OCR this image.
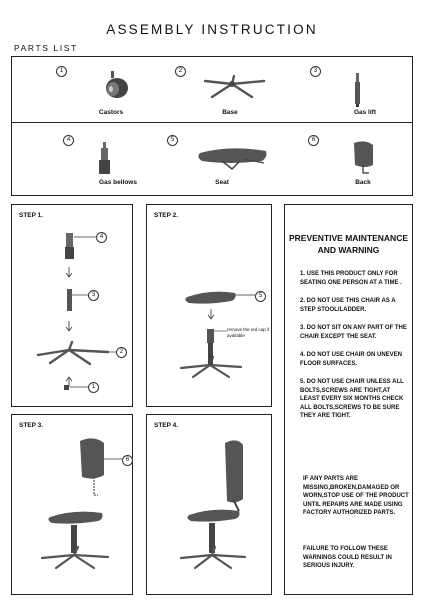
ASSEMBLY INSTRUCTION
PARTS LIST
1
Castors
2
Base
3
Gas lift
4
Gas bellows
5
Seat
6
Back
STEP 1.
4
3
2
1
STEP 2.
5
remove the red cap if available
STEP 3.
6
STEP 4.
PREVENTIVE MAINTENANCE AND WARNING
1. USE THIS PRODUCT ONLY FOR SEATING ONE PERSON AT A TIME .
2. DO NOT USE THIS CHAIR AS A STEP STOOL/LADDER.
3. DO NOT SIT ON ANY PART OF THE CHAIR EXCEPT THE SEAT.
4. DO NOT USE CHAIR ON UNEVEN FLOOR SURFACES.
5. DO NOT USE CHAIR UNLESS ALL BOLTS,SCREWS ARE TIGHT,AT LEAST EVERY SIX MONTHS CHECK ALL BOLTS,SCREWS TO BE SURE THEY ARE TIGHT.
IF ANY PARTS ARE MISSING,BROKEN,DAMAGED OR WORN,STOP USE OF THE PRODUCT UNTIL REPAIRS ARE MADE USING FACTORY AUTHORIZED PARTS.
FAILURE TO FOLLOW THESE WARNINGS COULD RESULT IN SERIOUS INJURY.
